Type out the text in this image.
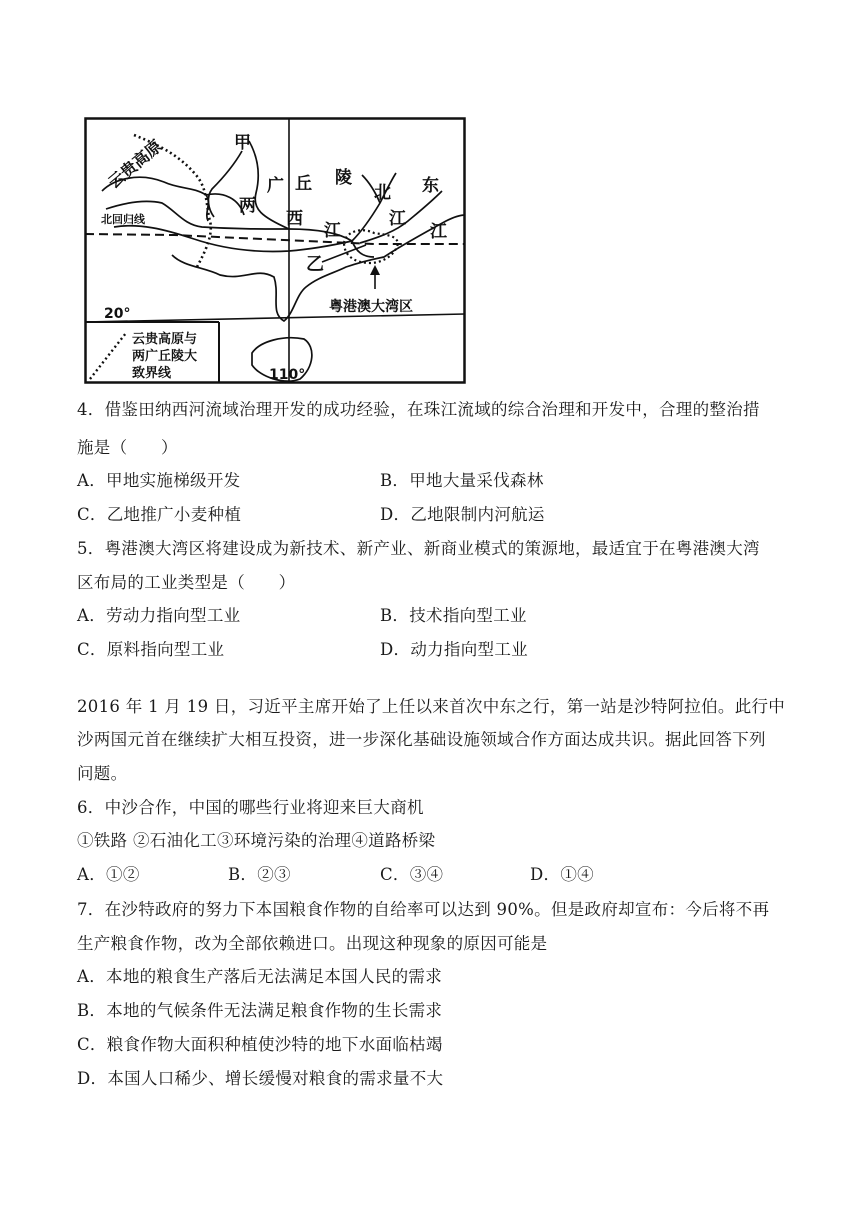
云贵高原	甲
两
广 丘 陵
北 东
西
江
江
江
北回归线
乙
粤港澳大湾区
20°
110°
云贵高原与
两广丘陵大
致界线
4．借鉴田纳西河流域治理开发的成功经验，在珠江流域的综合治理和开发中，合理的整治措
施是（　　）
A．甲地实施梯级开发	B．甲地大量采伐森林
C．乙地推广小麦种植	D．乙地限制内河航运
5．粤港澳大湾区将建设成为新技术、新产业、新商业模式的策源地，最适宜于在粤港澳大湾
区布局的工业类型是（　　）
A．劳动力指向型工业	B．技术指向型工业
C．原料指向型工业	D．动力指向型工业
2016 年 1 月 19 日，习近平主席开始了上任以来首次中东之行，第一站是沙特阿拉伯。此行中
沙两国元首在继续扩大相互投资，进一步深化基础设施领域合作方面达成共识。据此回答下列
问题。
6．中沙合作，中国的哪些行业将迎来巨大商机
①铁路 ②石油化工③环境污染的治理④道路桥梁
A．①②	B．②③	C．③④	D．①④
7．在沙特政府的努力下本国粮食作物的自给率可以达到 90%。但是政府却宣布：今后将不再
生产粮食作物，改为全部依赖进口。出现这种现象的原因可能是
A．本地的粮食生产落后无法满足本国人民的需求
B．本地的气候条件无法满足粮食作物的生长需求
C．粮食作物大面积种植使沙特的地下水面临枯竭
D．本国人口稀少、增长缓慢对粮食的需求量不大
